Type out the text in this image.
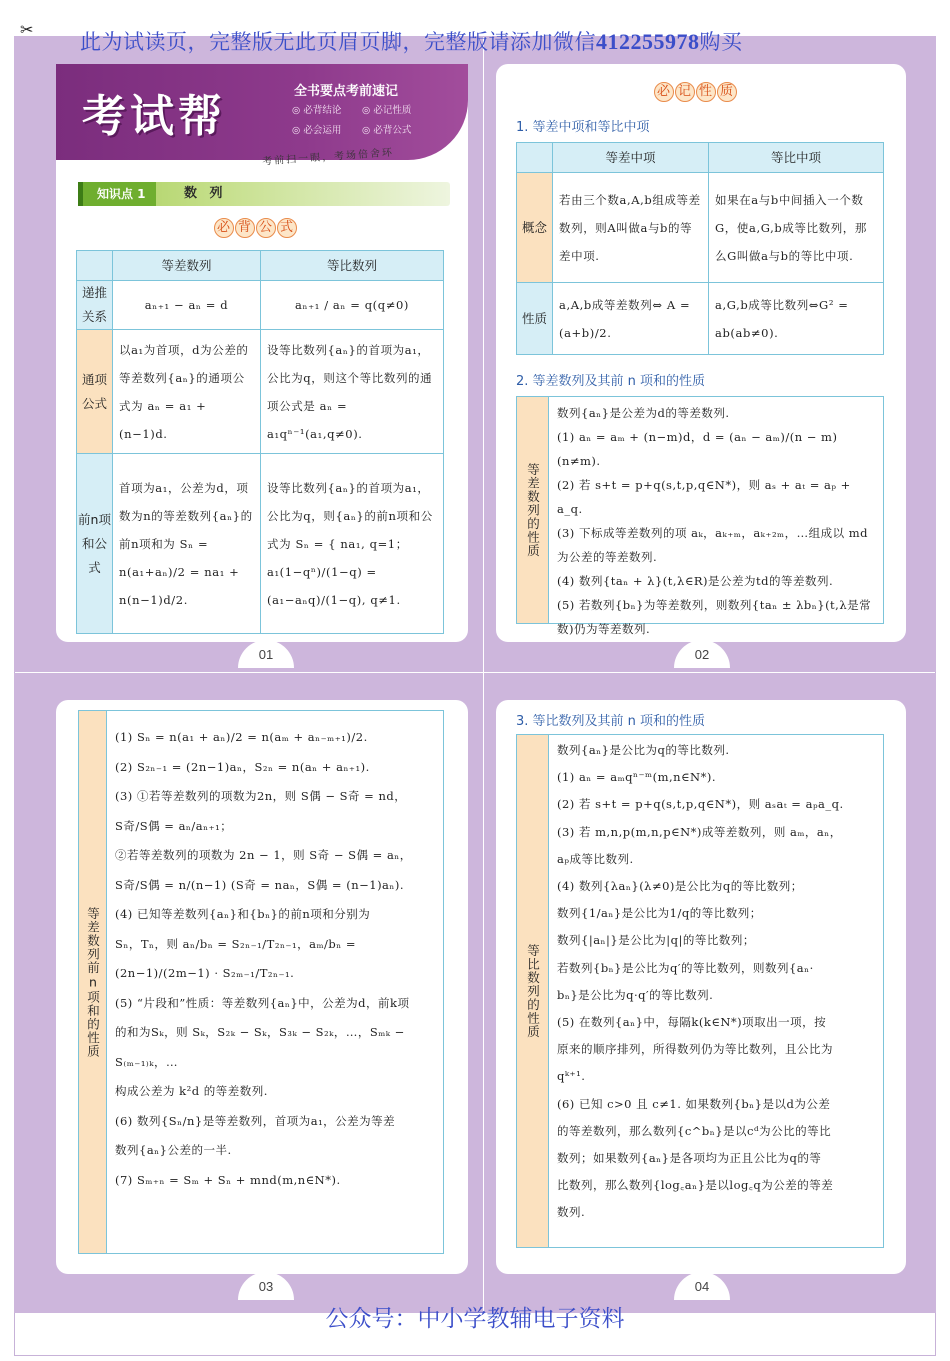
✂
此为试读页，完整版无此页眉页脚，完整版请添加微信412255978购买
考试帮	全书要点考前速记
◎ 必背结论	◎ 必记性质
◎ 必会运用	◎ 必背公式
考前扫一眼，考场倍舍环
知识点 1	数 列
必 背 公 式
	等差数列	等比数列
递推关系	aₙ₊₁ − aₙ = d	aₙ₊₁ / aₙ = q(q≠0)
通项公式	以a₁为首项，d为公差的等差数列{aₙ}的通项公式为 aₙ = a₁ + (n−1)d.	设等比数列{aₙ}的首项为a₁，公比为q，则这个等比数列的通项公式是 aₙ = a₁qⁿ⁻¹(a₁,q≠0).
前n项和公式	首项为a₁，公差为d，项数为n的等差数列{aₙ}的前n项和为 Sₙ = n(a₁+aₙ)/2 = na₁ + n(n−1)d/2.	设等比数列{aₙ}的首项为a₁，公比为q，则{aₙ}的前n项和公式为 Sₙ = { na₁, q=1；a₁(1−qⁿ)/(1−q) = (a₁−aₙq)/(1−q), q≠1.
01
必 记 性 质
1. 等差中项和等比中项
	等差中项	等比中项
概念	若由三个数a,A,b组成等差数列，则A叫做a与b的等差中项.	如果在a与b中间插入一个数G，使a,G,b成等比数列，那么G叫做a与b的等比中项.
性质	a,A,b成等差数列⇔ A = (a+b)/2.	a,G,b成等比数列⇔G² = ab(ab≠0).
2. 等差数列及其前 n 项和的性质
等差数列的性质

数列{aₙ}是公差为d的等差数列.

(1) aₙ = aₘ + (n−m)d，d = (aₙ − aₘ)/(n − m)(n≠m).

(2) 若 s+t = p+q(s,t,p,q∈N*)，则 aₛ + aₜ = aₚ + a_q.

(3) 下标成等差数列的项 aₖ，aₖ₊ₘ，aₖ₊₂ₘ，…组成以 md 为公差的等差数列.

(4) 数列{taₙ + λ}(t,λ∈R)是公差为td的等差数列.

(5) 若数列{bₙ}为等差数列，则数列{taₙ ± λbₙ}(t,λ是常数)仍为等差数列.

02
等差数列前n项和的性质

(1) Sₙ = n(a₁ + aₙ)/2 = n(aₘ + aₙ₋ₘ₊₁)/2.

(2) S₂ₙ₋₁ = (2n−1)aₙ，S₂ₙ = n(aₙ + aₙ₊₁).

(3) ①若等差数列的项数为2n，则 S偶 − S奇 = nd，

S奇/S偶 = aₙ/aₙ₊₁；

②若等差数列的项数为 2n − 1，则 S奇 − S偶 = aₙ，

S奇/S偶 = n/(n−1) (S奇 = naₙ，S偶 = (n−1)aₙ).

(4) 已知等差数列{aₙ}和{bₙ}的前n项和分别为

Sₙ，Tₙ，则 aₙ/bₙ = S₂ₙ₋₁/T₂ₙ₋₁，aₘ/bₙ = (2n−1)/(2m−1) · S₂ₘ₋₁/T₂ₙ₋₁.

(5) “片段和”性质：等差数列{aₙ}中，公差为d，前k项

的和为Sₖ，则 Sₖ，S₂ₖ − Sₖ，S₃ₖ − S₂ₖ，…，Sₘₖ − S₍ₘ₋₁₎ₖ，…

构成公差为 k²d 的等差数列.

(6) 数列{Sₙ/n}是等差数列，首项为a₁，公差为等差

数列{aₙ}公差的一半.

(7) Sₘ₊ₙ = Sₘ + Sₙ + mnd(m,n∈N*).

03
3. 等比数列及其前 n 项和的性质
等比数列的性质

数列{aₙ}是公比为q的等比数列.

(1) aₙ = aₘqⁿ⁻ᵐ(m,n∈N*).

(2) 若 s+t = p+q(s,t,p,q∈N*)，则 aₛaₜ = aₚa_q.

(3) 若 m,n,p(m,n,p∈N*)成等差数列，则 aₘ，aₙ，

aₚ成等比数列.

(4) 数列{λaₙ}(λ≠0)是公比为q的等比数列；

数列{1/aₙ}是公比为1/q的等比数列；

数列{|aₙ|}是公比为|q|的等比数列；

若数列{bₙ}是公比为q′的等比数列，则数列{aₙ·

bₙ}是公比为q·q′的等比数列.

(5) 在数列{aₙ}中，每隔k(k∈N*)项取出一项，按

原来的顺序排列，所得数列仍为等比数列，且公比为

qᵏ⁺¹.

(6) 已知 c>0 且 c≠1. 如果数列{bₙ}是以d为公差

的等差数列，那么数列{c^bₙ}是以cᵈ为公比的等比

数列；如果数列{aₙ}是各项均为正且公比为q的等

比数列，那么数列{log꜀aₙ}是以log꜀q为公差的等差

数列.

04
公众号：中小学教辅电子资料
